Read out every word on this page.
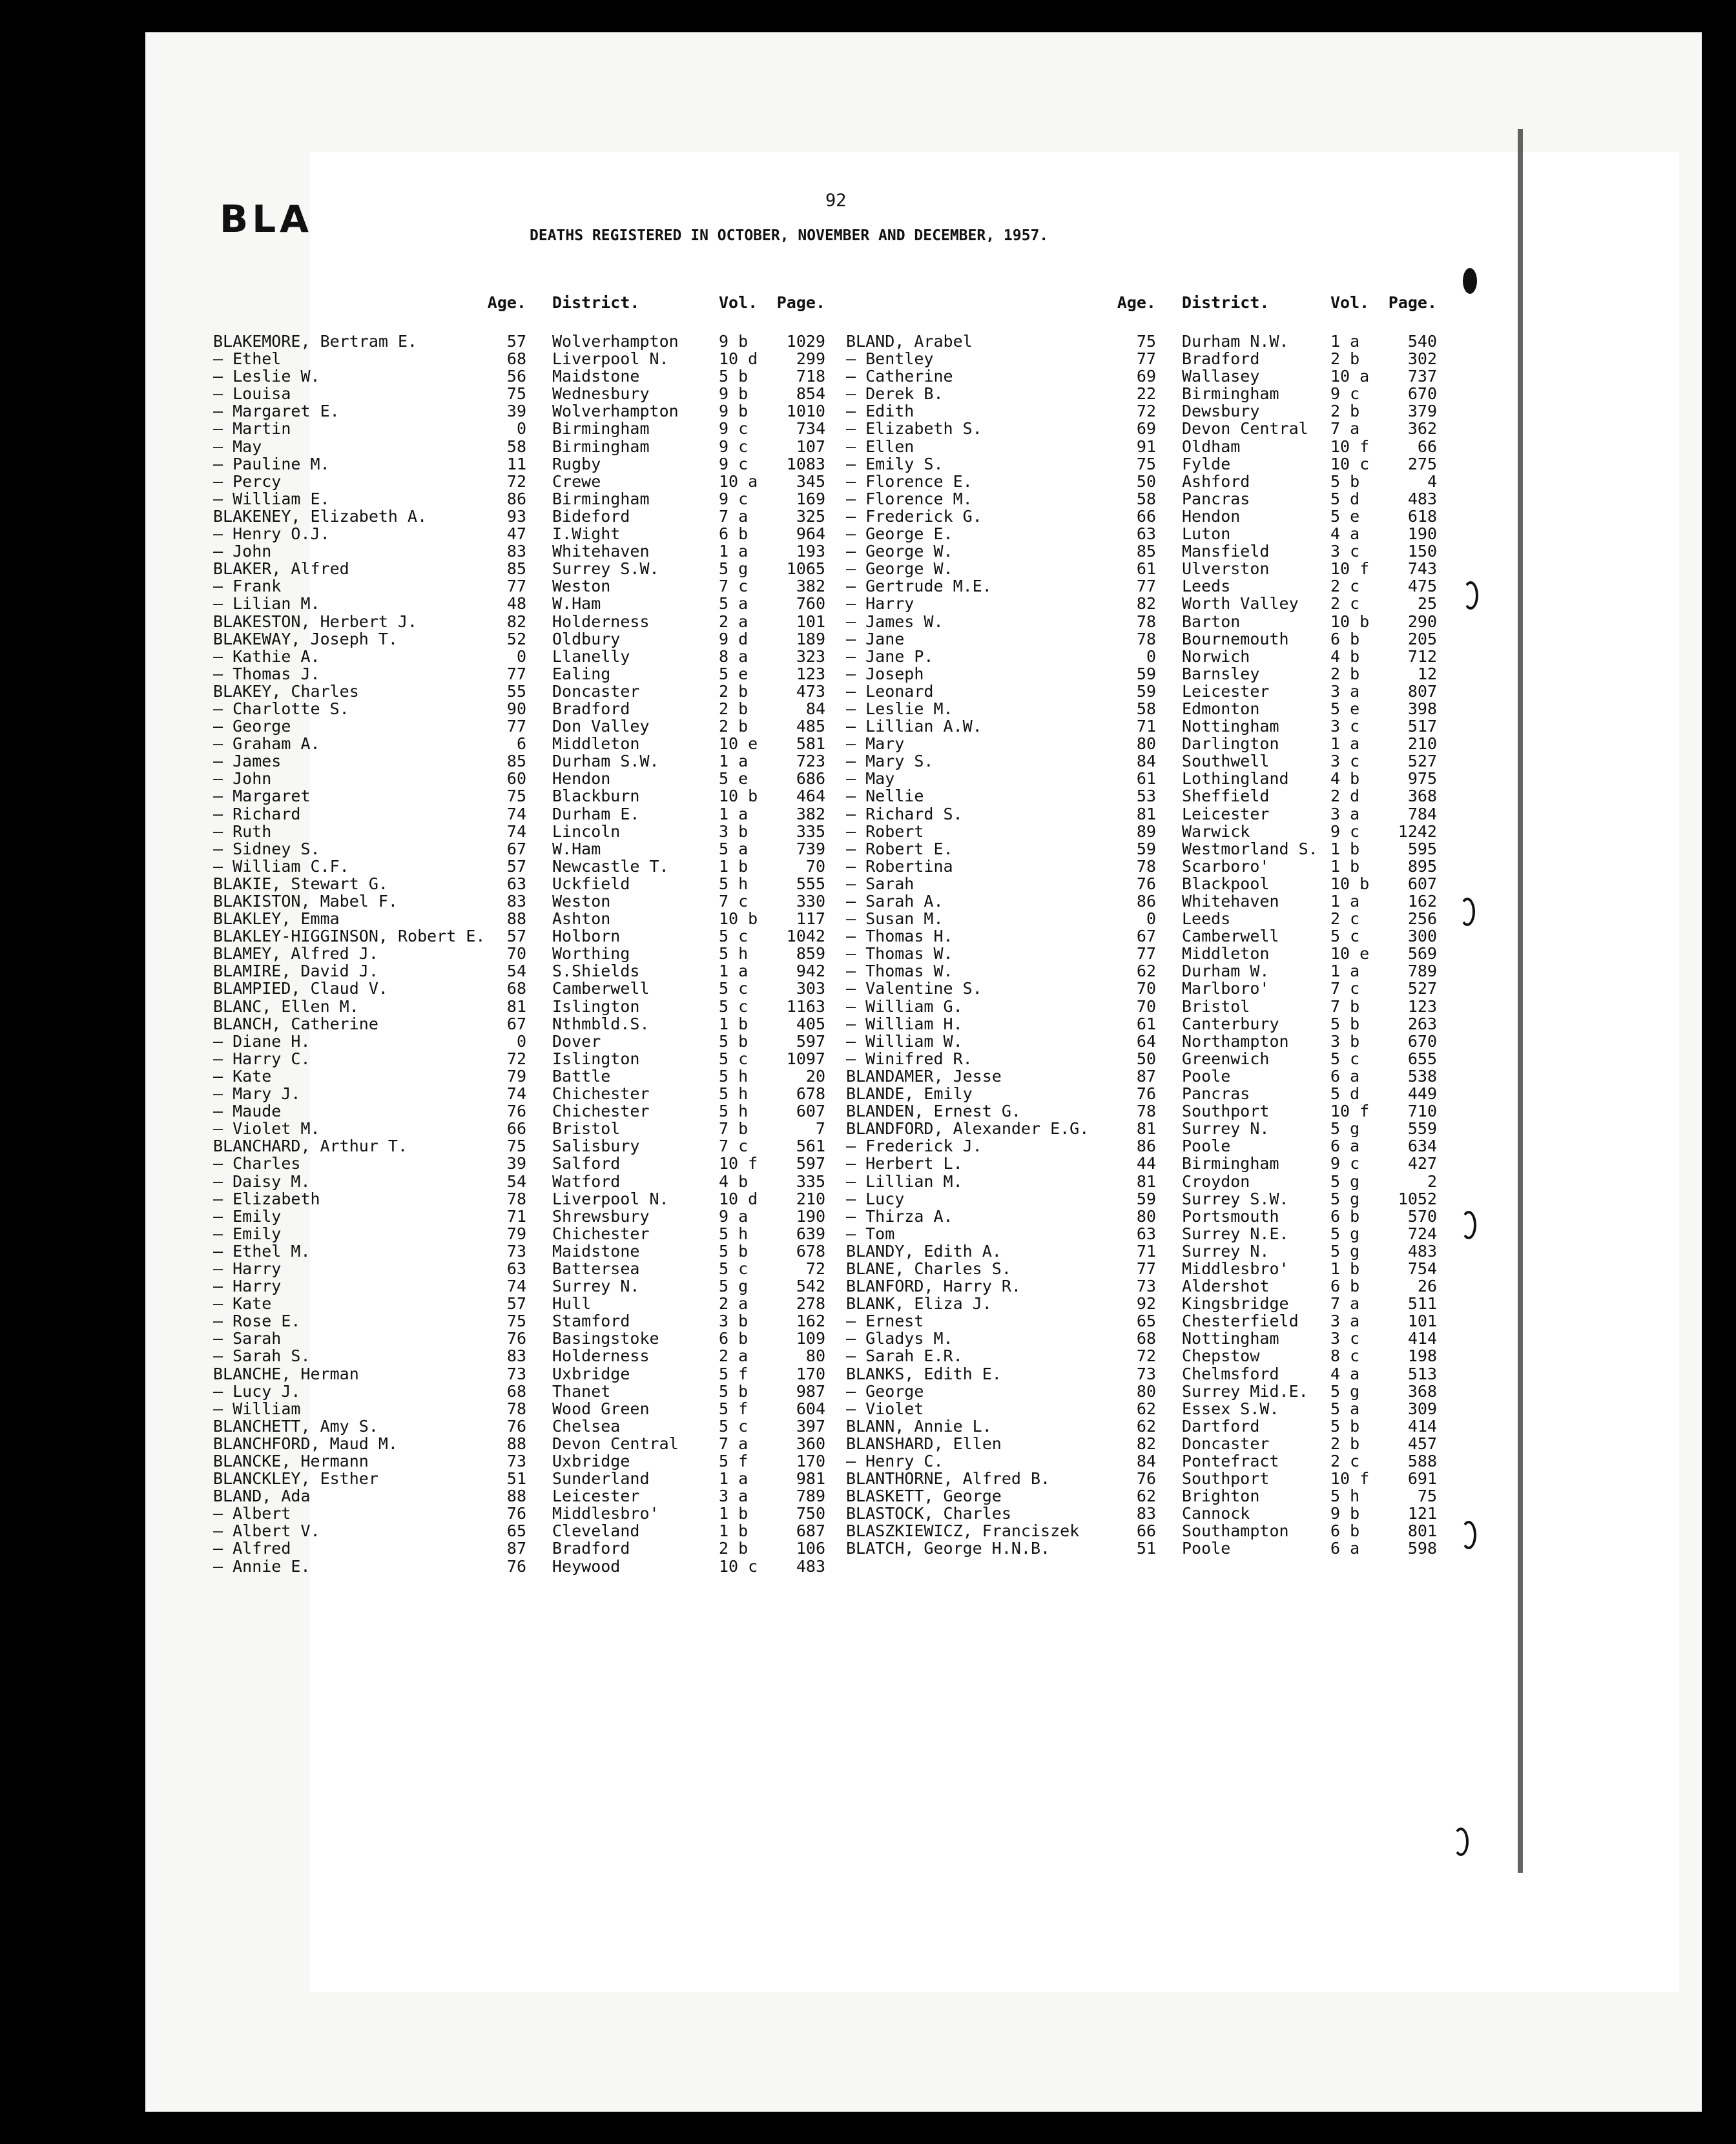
BLA	92
DEATHS REGISTERED IN OCTOBER, NOVEMBER AND DECEMBER, 1957.
Age.	District.	Vol.	Page.
BLAKEMORE, Bertram E.	57	Wolverhampton	9 b	1029
— Ethel	68	Liverpool N.	10 d	299
— Leslie W.	56	Maidstone	5 b	718
— Louisa	75	Wednesbury	9 b	854
— Margaret E.	39	Wolverhampton	9 b	1010
— Martin	0	Birmingham	9 c	734
— May	58	Birmingham	9 c	107
— Pauline M.	11	Rugby	9 c	1083
— Percy	72	Crewe	10 a	345
— William E.	86	Birmingham	9 c	169
BLAKENEY, Elizabeth A.	93	Bideford	7 a	325
— Henry O.J.	47	I.Wight	6 b	964
— John	83	Whitehaven	1 a	193
BLAKER, Alfred	85	Surrey S.W.	5 g	1065
— Frank	77	Weston	7 c	382
— Lilian M.	48	W.Ham	5 a	760
BLAKESTON, Herbert J.	82	Holderness	2 a	101
BLAKEWAY, Joseph T.	52	Oldbury	9 d	189
— Kathie A.	0	Llanelly	8 a	323
— Thomas J.	77	Ealing	5 e	123
BLAKEY, Charles	55	Doncaster	2 b	473
— Charlotte S.	90	Bradford	2 b	84
— George	77	Don Valley	2 b	485
— Graham A.	6	Middleton	10 e	581
— James	85	Durham S.W.	1 a	723
— John	60	Hendon	5 e	686
— Margaret	75	Blackburn	10 b	464
— Richard	74	Durham E.	1 a	382
— Ruth	74	Lincoln	3 b	335
— Sidney S.	67	W.Ham	5 a	739
— William C.F.	57	Newcastle T.	1 b	70
BLAKIE, Stewart G.	63	Uckfield	5 h	555
BLAKISTON, Mabel F.	83	Weston	7 c	330
BLAKLEY, Emma	88	Ashton	10 b	117
BLAKLEY-HIGGINSON, Robert E.	57	Holborn	5 c	1042
BLAMEY, Alfred J.	70	Worthing	5 h	859
BLAMIRE, David J.	54	S.Shields	1 a	942
BLAMPIED, Claud V.	68	Camberwell	5 c	303
BLANC, Ellen M.	81	Islington	5 c	1163
BLANCH, Catherine	67	Nthmbld.S.	1 b	405
— Diane H.	0	Dover	5 b	597
— Harry C.	72	Islington	5 c	1097
— Kate	79	Battle	5 h	20
— Mary J.	74	Chichester	5 h	678
— Maude	76	Chichester	5 h	607
— Violet M.	66	Bristol	7 b	7
BLANCHARD, Arthur T.	75	Salisbury	7 c	561
— Charles	39	Salford	10 f	597
— Daisy M.	54	Watford	4 b	335
— Elizabeth	78	Liverpool N.	10 d	210
— Emily	71	Shrewsbury	9 a	190
— Emily	79	Chichester	5 h	639
— Ethel M.	73	Maidstone	5 b	678
— Harry	63	Battersea	5 c	72
— Harry	74	Surrey N.	5 g	542
— Kate	57	Hull	2 a	278
— Rose E.	75	Stamford	3 b	162
— Sarah	76	Basingstoke	6 b	109
— Sarah S.	83	Holderness	2 a	80
BLANCHE, Herman	73	Uxbridge	5 f	170
— Lucy J.	68	Thanet	5 b	987
— William	78	Wood Green	5 f	604
BLANCHETT, Amy S.	76	Chelsea	5 c	397
BLANCHFORD, Maud M.	88	Devon Central	7 a	360
BLANCKE, Hermann	73	Uxbridge	5 f	170
BLANCKLEY, Esther	51	Sunderland	1 a	981
BLAND, Ada	88	Leicester	3 a	789
— Albert	76	Middlesbro'	1 b	750
— Albert V.	65	Cleveland	1 b	687
— Alfred	87	Bradford	2 b	106
— Annie E.	76	Heywood	10 c	483
Age.	District.	Vol.	Page.
BLAND, Arabel	75	Durham N.W.	1 a	540
— Bentley	77	Bradford	2 b	302
— Catherine	69	Wallasey	10 a	737
— Derek B.	22	Birmingham	9 c	670
— Edith	72	Dewsbury	2 b	379
— Elizabeth S.	69	Devon Central	7 a	362
— Ellen	91	Oldham	10 f	66
— Emily S.	75	Fylde	10 c	275
— Florence E.	50	Ashford	5 b	4
— Florence M.	58	Pancras	5 d	483
— Frederick G.	66	Hendon	5 e	618
— George E.	63	Luton	4 a	190
— George W.	85	Mansfield	3 c	150
— George W.	61	Ulverston	10 f	743
— Gertrude M.E.	77	Leeds	2 c	475
— Harry	82	Worth Valley	2 c	25
— James W.	78	Barton	10 b	290
— Jane	78	Bournemouth	6 b	205
— Jane P.	0	Norwich	4 b	712
— Joseph	59	Barnsley	2 b	12
— Leonard	59	Leicester	3 a	807
— Leslie M.	58	Edmonton	5 e	398
— Lillian A.W.	71	Nottingham	3 c	517
— Mary	80	Darlington	1 a	210
— Mary S.	84	Southwell	3 c	527
— May	61	Lothingland	4 b	975
— Nellie	53	Sheffield	2 d	368
— Richard S.	81	Leicester	3 a	784
— Robert	89	Warwick	9 c	1242
— Robert E.	59	Westmorland S. 1 b	595
— Robertina	78	Scarboro'	1 b	895
— Sarah	76	Blackpool	10 b	607
— Sarah A.	86	Whitehaven	1 a	162
— Susan M.	0	Leeds	2 c	256
— Thomas H.	67	Camberwell	5 c	300
— Thomas W.	77	Middleton	10 e	569
— Thomas W.	62	Durham W.	1 a	789
— Valentine S.	70	Marlboro'	7 c	527
— William G.	70	Bristol	7 b	123
— William H.	61	Canterbury	5 b	263
— William W.	64	Northampton	3 b	670
— Winifred R.	50	Greenwich	5 c	655
BLANDAMER, Jesse	87	Poole	6 a	538
BLANDE, Emily	76	Pancras	5 d	449
BLANDEN, Ernest G.	78	Southport	10 f	710
BLANDFORD, Alexander E.G.	81	Surrey N.	5 g	559
— Frederick J.	86	Poole	6 a	634
— Herbert L.	44	Birmingham	9 c	427
— Lillian M.	81	Croydon	5 g	2
— Lucy	59	Surrey S.W.	5 g	1052
— Thirza A.	80	Portsmouth	6 b	570
— Tom	63	Surrey N.E.	5 g	724
BLANDY, Edith A.	71	Surrey N.	5 g	483
BLANE, Charles S.	77	Middlesbro'	1 b	754
BLANFORD, Harry R.	73	Aldershot	6 b	26
BLANK, Eliza J.	92	Kingsbridge	7 a	511
— Ernest	65	Chesterfield	3 a	101
— Gladys M.	68	Nottingham	3 c	414
— Sarah E.R.	72	Chepstow	8 c	198
BLANKS, Edith E.	73	Chelmsford	4 a	513
— George	80	Surrey Mid.E.	5 g	368
— Violet	62	Essex S.W.	5 a	309
BLANN, Annie L.	62	Dartford	5 b	414
BLANSHARD, Ellen	82	Doncaster	2 b	457
— Henry C.	84	Pontefract	2 c	588
BLANTHORNE, Alfred B.	76	Southport	10 f	691
BLASKETT, George	62	Brighton	5 h	75
BLASTOCK, Charles	83	Cannock	9 b	121
BLASZKIEWICZ, Franciszek	66	Southampton	6 b	801
BLATCH, George H.N.B.	51	Poole	6 a	598
